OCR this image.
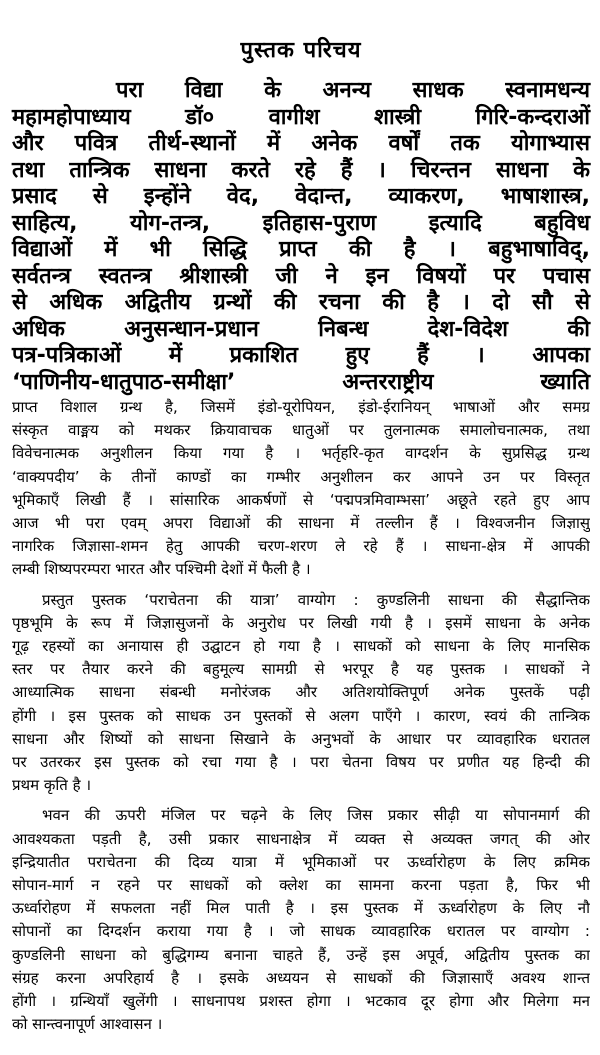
पुस्तक परिचय
परा विद्या के अनन्य साधक स्वनामधन्य
महामहोपाध्याय डॉ० वागीश शास्त्री गिरि-कन्दराओं
और पवित्र तीर्थ-स्थानों में अनेक वर्षों तक योगाभ्यास
तथा तान्त्रिक साधना करते रहे हैं । चिरन्तन साधना के
प्रसाद से इन्होंने वेद, वेदान्त, व्याकरण, भाषाशास्त्र,
साहित्य, योग-तन्त्र, इतिहास-पुराण इत्यादि बहुविध
विद्याओं में भी सिद्धि प्राप्त की है । बहुभाषाविद्,
सर्वतन्त्र स्वतन्त्र श्रीशास्त्री जी ने इन विषयों पर पचास
से अधिक अद्वितीय ग्रन्थों की रचना की है । दो सौ से
अधिक अनुसन्धान-प्रधान निबन्ध देश-विदेश की
पत्र-पत्रिकाओं में प्रकाशित हुए हैं । आपका
‘पाणिनीय-धातुपाठ-समीक्षा’ अन्तरराष्ट्रीय ख्याति
प्राप्त विशाल ग्रन्थ है, जिसमें इंडो-यूरोपियन, इंडो-ईरानियन् भाषाओं और समग्र
संस्कृत वाङ्मय को मथकर क्रियावाचक धातुओं पर तुलनात्मक समालोचनात्मक, तथा
विवेचनात्मक अनुशीलन किया गया है । भर्तृहरि-कृत वाग्दर्शन के सुप्रसिद्ध ग्रन्थ
‘वाक्यपदीय’ के तीनों काण्डों का गम्भीर अनुशीलन कर आपने उन पर विस्तृत
भूमिकाएँ लिखी हैं । सांसारिक आकर्षणों से ‘पद्मपत्रमिवाम्भसा’ अछूते रहते हुए आप
आज भी परा एवम् अपरा विद्याओं की साधना में तल्लीन हैं । विश्वजनीन जिज्ञासु
नागरिक जिज्ञासा-शमन हेतु आपकी चरण-शरण ले रहे हैं । साधना-क्षेत्र में आपकी
लम्बी शिष्यपरम्परा भारत और पश्चिमी देशों में फैली है ।
प्रस्तुत पुस्तक ‘पराचेतना की यात्रा’ वाग्योग : कुण्डलिनी साधना की सैद्धान्तिक
पृष्ठभूमि के रूप में जिज्ञासुजनों के अनुरोध पर लिखी गयी है । इसमें साधना के अनेक
गूढ़ रहस्यों का अनायास ही उद्घाटन हो गया है । साधकों को साधना के लिए मानसिक
स्तर पर तैयार करने की बहुमूल्य सामग्री से भरपूर है यह पुस्तक । साधकों ने
आध्यात्मिक साधना संबन्धी मनोरंजक और अतिशयोक्तिपूर्ण अनेक पुस्तकें पढ़ी
होंगी । इस पुस्तक को साधक उन पुस्तकों से अलग पाएँगे । कारण, स्वयं की तान्त्रिक
साधना और शिष्यों को साधना सिखाने के अनुभवों के आधार पर व्यावहारिक धरातल
पर उतरकर इस पुस्तक को रचा गया है । परा चेतना विषय पर प्रणीत यह हिन्दी की
प्रथम कृति है ।
भवन की ऊपरी मंजिल पर चढ़ने के लिए जिस प्रकार सीढ़ी या सोपानमार्ग की
आवश्यकता पड़ती है, उसी प्रकार साधनाक्षेत्र में व्यक्त से अव्यक्त जगत् की ओर
इन्द्रियातीत पराचेतना की दिव्य यात्रा में भूमिकाओं पर ऊर्ध्वारोहण के लिए क्रमिक
सोपान-मार्ग न रहने पर साधकों को क्लेश का सामना करना पड़ता है, फिर भी
ऊर्ध्वारोहण में सफलता नहीं मिल पाती है । इस पुस्तक में ऊर्ध्वारोहण के लिए नौ
सोपानों का दिग्दर्शन कराया गया है । जो साधक व्यावहारिक धरातल पर वाग्योग :
कुण्डलिनी साधना को बुद्धिगम्य बनाना चाहते हैं, उन्हें इस अपूर्व, अद्वितीय पुस्तक का
संग्रह करना अपरिहार्य है । इसके अध्ययन से साधकों की जिज्ञासाएँ अवश्य शान्त
होंगी । ग्रन्थियाँ खुलेंगी । साधनापथ प्रशस्त होगा । भटकाव दूर होगा और मिलेगा मन
को सान्त्वनापूर्ण आश्वासन ।
